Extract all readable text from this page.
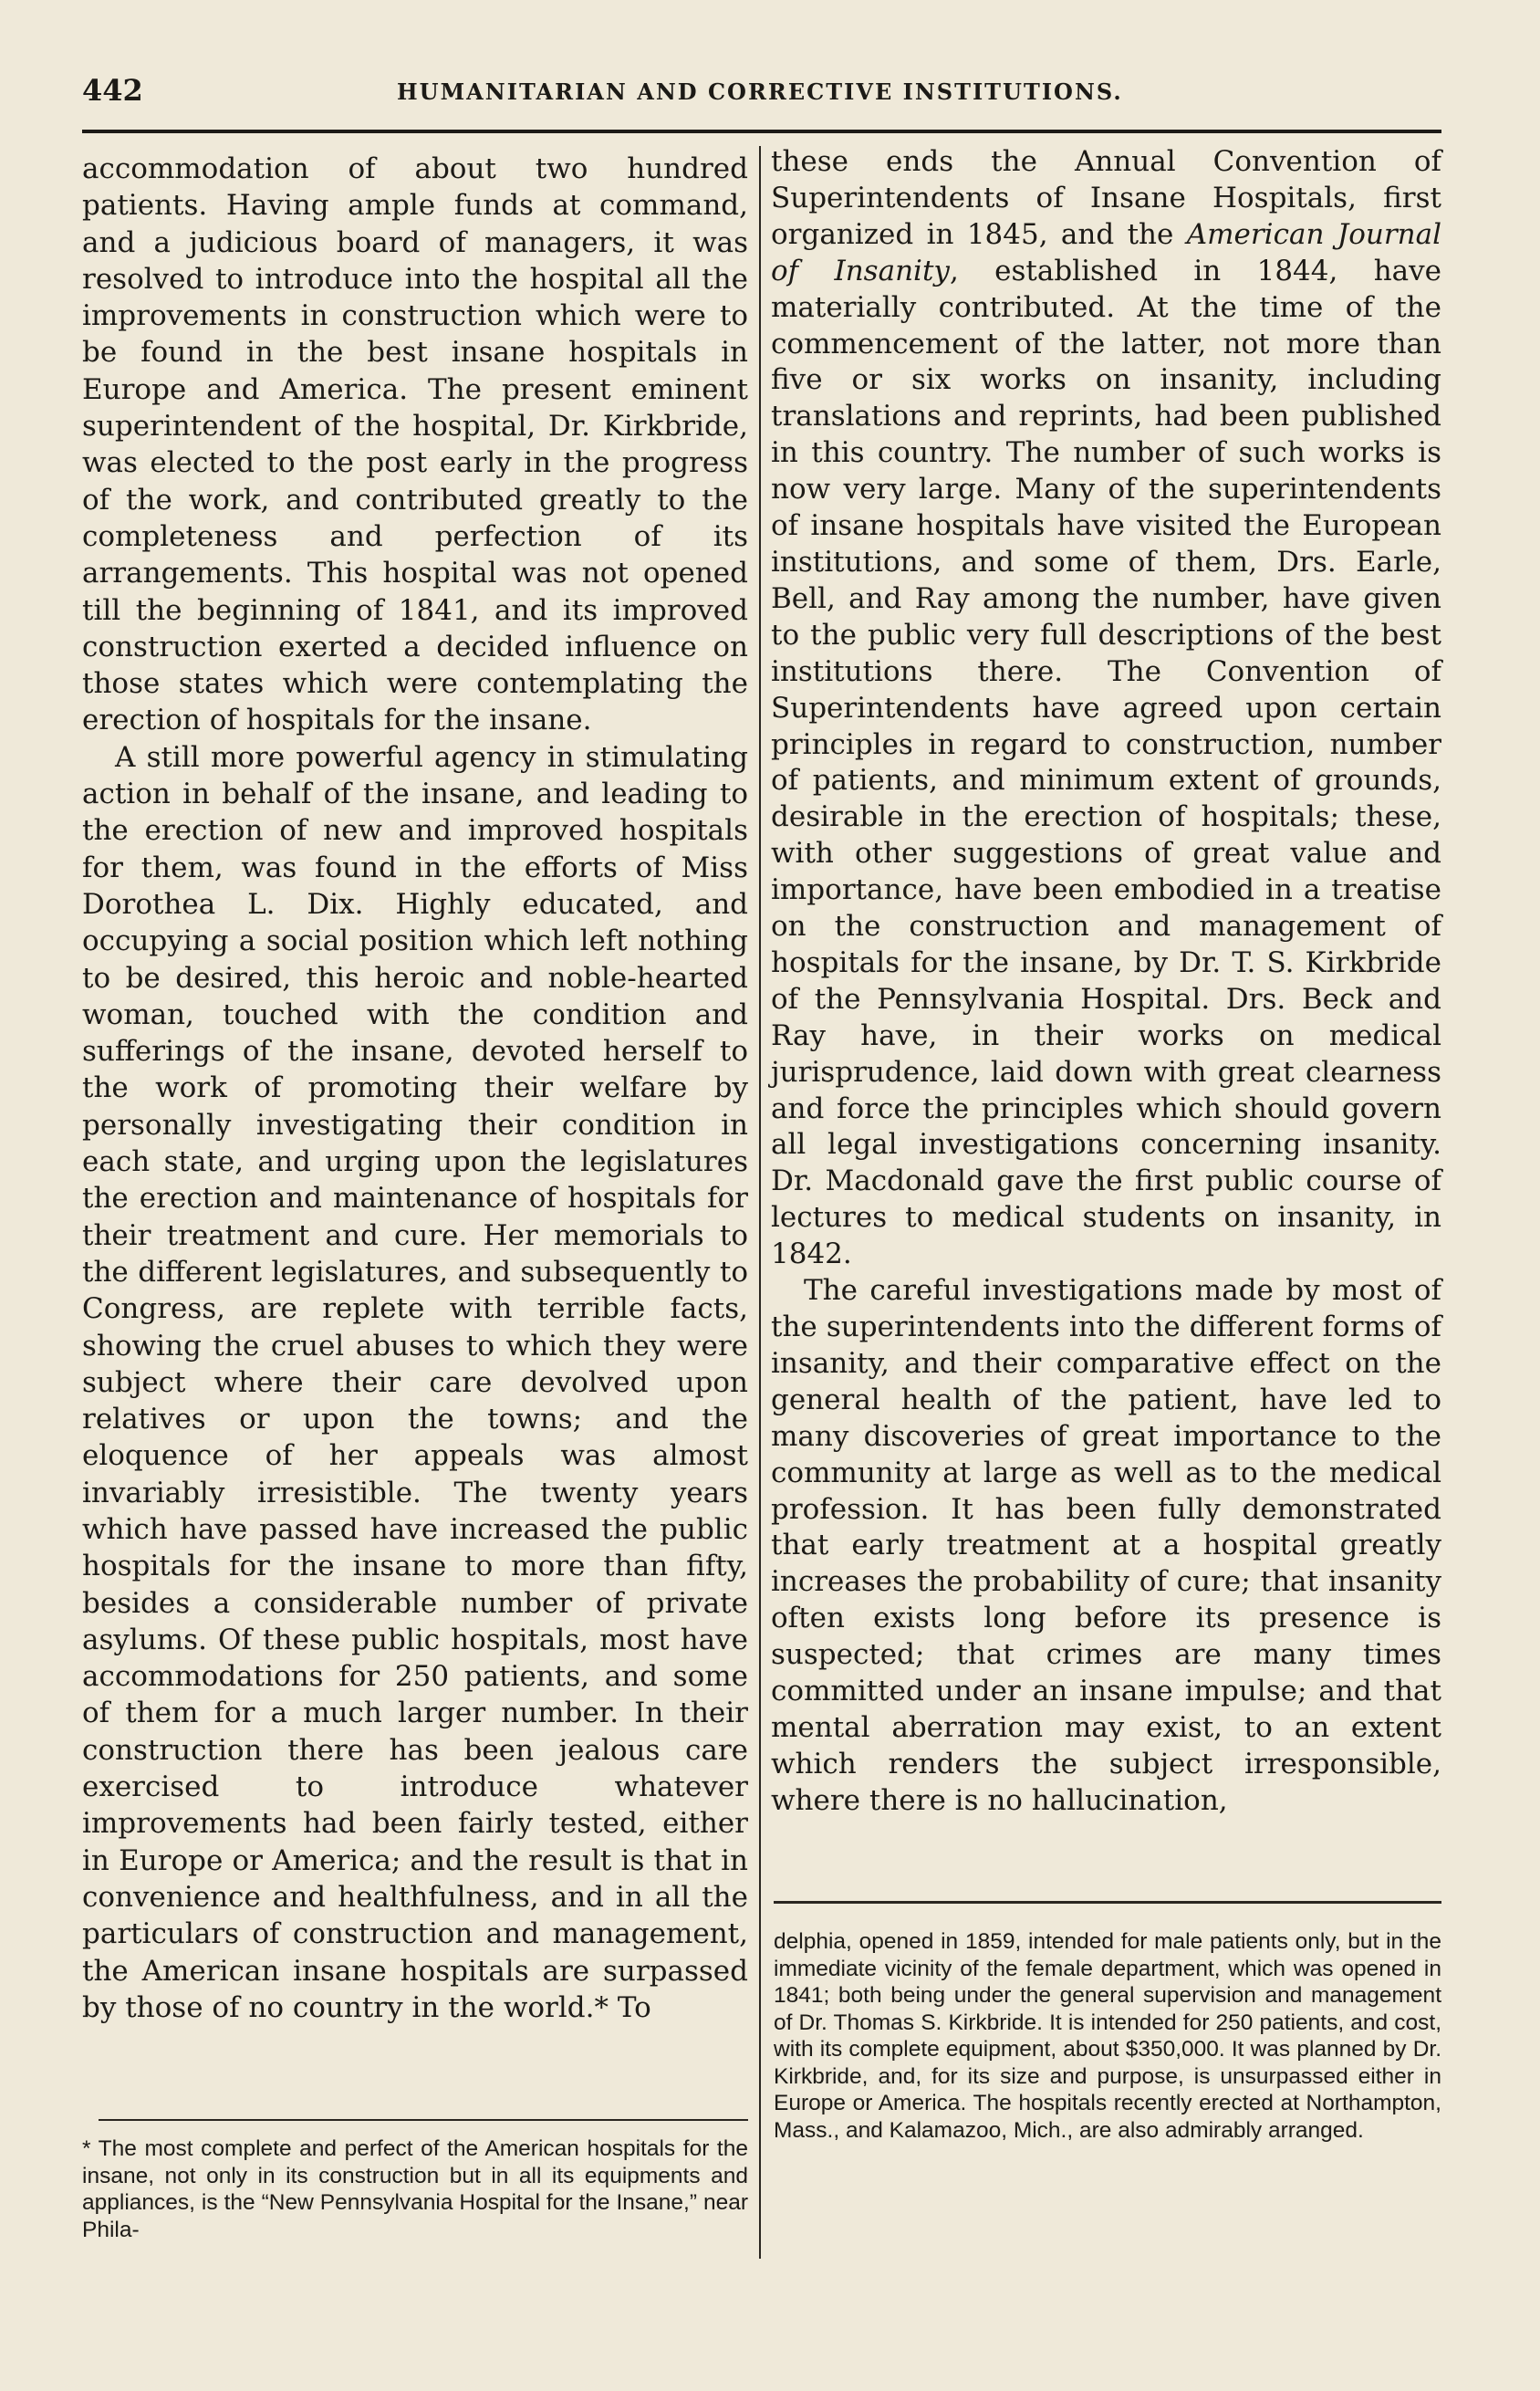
442	HUMANITARIAN AND CORRECTIVE INSTITUTIONS.

accommodation of about two hundred patients. Having ample funds at command, and a judicious board of managers, it was resolved to introduce into the hospital all the improvements in construction which were to be found in the best insane hospitals in Europe and America. The present eminent superintendent of the hospital, Dr. Kirkbride, was elected to the post early in the progress of the work, and contributed greatly to the completeness and perfection of its arrangements. This hospital was not opened till the beginning of 1841, and its improved construction exerted a decided influence on those states which were contemplating the erection of hospitals for the insane.

A still more powerful agency in stimulating action in behalf of the insane, and leading to the erection of new and improved hospitals for them, was found in the efforts of Miss Dorothea L. Dix. Highly educated, and occupying a social position which left nothing to be desired, this heroic and noble-hearted woman, touched with the condition and sufferings of the insane, devoted herself to the work of promoting their welfare by personally investigating their condition in each state, and urging upon the legislatures the erection and maintenance of hospitals for their treatment and cure. Her memorials to the different legislatures, and subsequently to Congress, are replete with terrible facts, showing the cruel abuses to which they were subject where their care devolved upon relatives or upon the towns; and the eloquence of her appeals was almost invariably irresistible. The twenty years which have passed have increased the public hospitals for the insane to more than fifty, besides a considerable number of private asylums. Of these public hospitals, most have accommodations for 250 patients, and some of them for a much larger number. In their construction there has been jealous care exercised to introduce whatever improvements had been fairly tested, either in Europe or America; and the result is that in convenience and healthfulness, and in all the particulars of construction and management, the American insane hospitals are surpassed by those of no country in the world.* To

these ends the Annual Convention of Superintendents of Insane Hospitals, first organized in 1845, and the American Journal of Insanity, established in 1844, have materially contributed. At the time of the commencement of the latter, not more than five or six works on insanity, including translations and reprints, had been published in this country. The number of such works is now very large. Many of the superintendents of insane hospitals have visited the European institutions, and some of them, Drs. Earle, Bell, and Ray among the number, have given to the public very full descriptions of the best institutions there. The Convention of Superintendents have agreed upon certain principles in regard to construction, number of patients, and minimum extent of grounds, desirable in the erection of hospitals; these, with other suggestions of great value and importance, have been embodied in a treatise on the construction and management of hospitals for the insane, by Dr. T. S. Kirkbride of the Pennsylvania Hospital. Drs. Beck and Ray have, in their works on medical jurisprudence, laid down with great clearness and force the principles which should govern all legal investigations concerning insanity. Dr. Macdonald gave the first public course of lectures to medical students on insanity, in 1842.

The careful investigations made by most of the superintendents into the different forms of insanity, and their comparative effect on the general health of the patient, have led to many discoveries of great importance to the community at large as well as to the medical profession. It has been fully demonstrated that early treatment at a hospital greatly increases the probability of cure; that insanity often exists long before its presence is suspected; that crimes are many times committed under an insane impulse; and that mental aberration may exist, to an extent which renders the subject irresponsible, where there is no hallucination,

* The most complete and perfect of the American hospitals for the insane, not only in its construction but in all its equipments and appliances, is the “New Pennsylvania Hospital for the Insane,” near Phila-

delphia, opened in 1859, intended for male patients only, but in the immediate vicinity of the female department, which was opened in 1841; both being under the general supervision and management of Dr. Thomas S. Kirkbride. It is intended for 250 patients, and cost, with its complete equipment, about $350,000. It was planned by Dr. Kirkbride, and, for its size and purpose, is unsurpassed either in Europe or America. The hospitals recently erected at Northampton, Mass., and Kalamazoo, Mich., are also admirably arranged.
